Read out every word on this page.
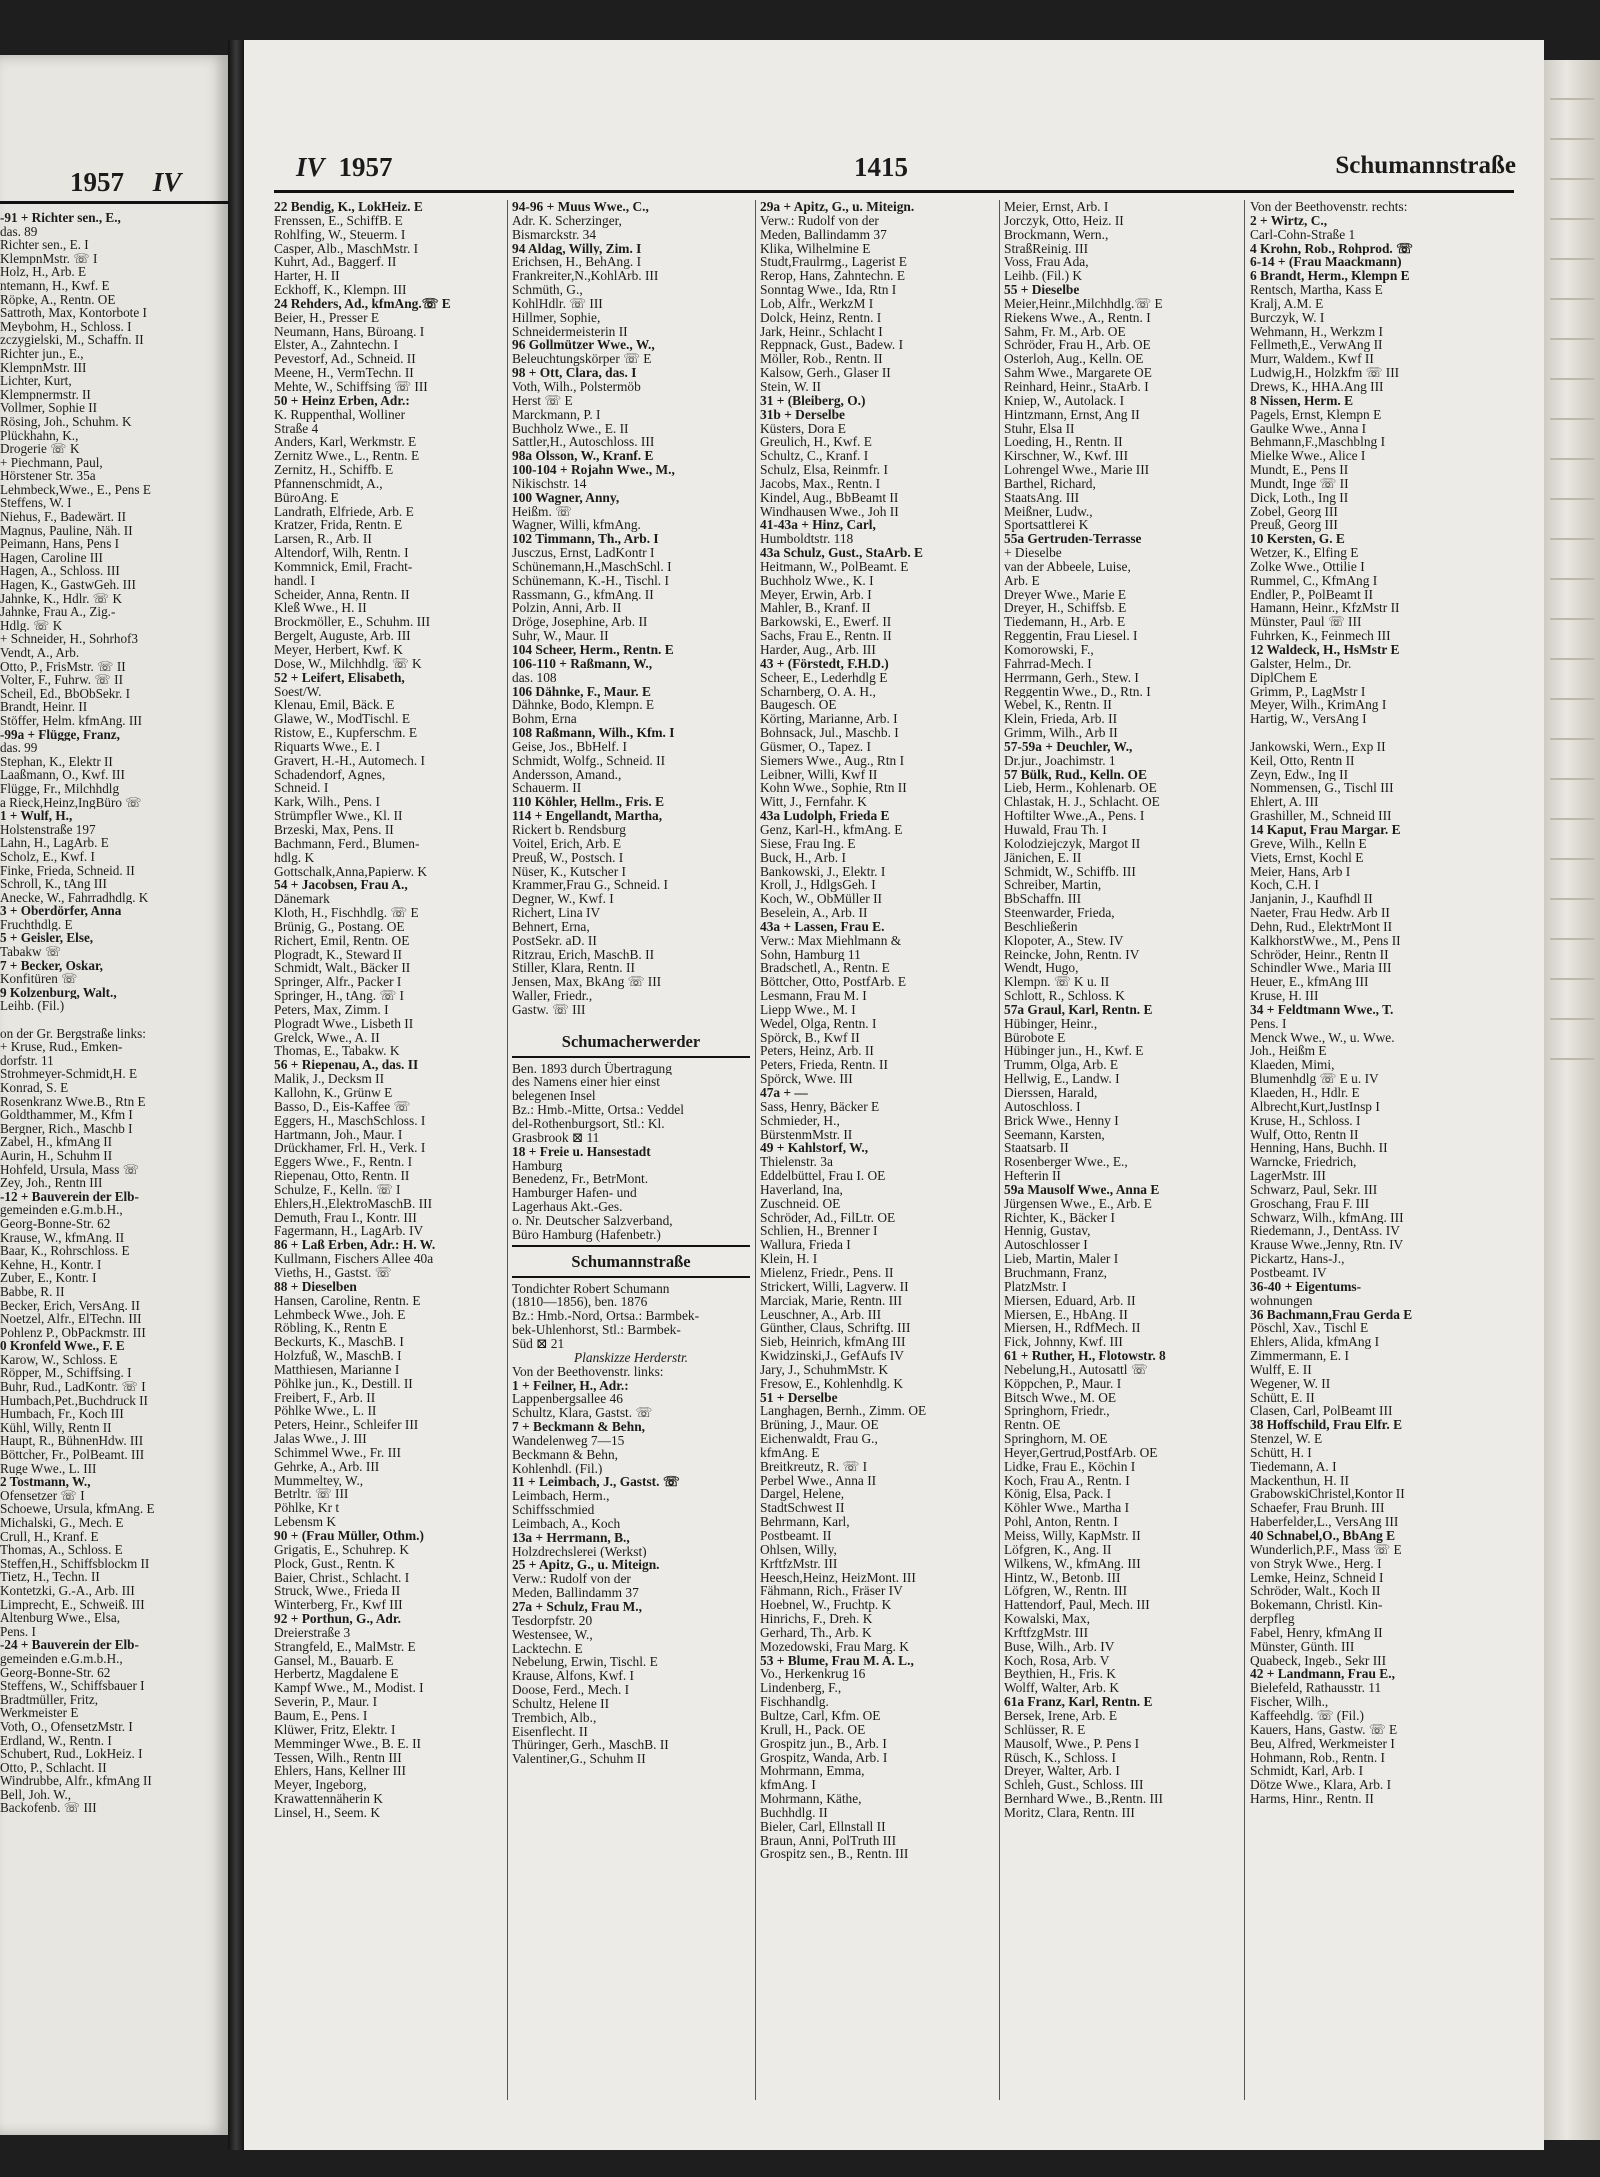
1957 IV
-91 + Richter sen., E.,
das. 89
Richter sen., E. I
KlempnMstr. ☏ I
Holz, H., Arb. E
ntemann, H., Kwf. E
Röpke, A., Rentn. OE
Sattroth, Max, Kontorbote I
Meybohm, H., Schloss. I
zczygielski, M., Schaffn. II
Richter jun., E.,
KlempnMstr. III
Lichter, Kurt,
Klempnermstr. II
Vollmer, Sophie II
Rösing, Joh., Schuhm. K
Plückhahn, K.,
Drogerie ☏ K
+ Piechmann, Paul,
Hörstener Str. 35a
Lehmbeck,Wwe., E., Pens E
Steffens, W. I
Niehus, F., Badewärt. II
Magnus, Pauline, Näh. II
Peimann, Hans, Pens I
Hagen, Caroline III
Hagen, A., Schloss. III
Hagen, K., GastwGeh. III
Jahnke, K., Hdlr. ☏ K
Jahnke, Frau A., Zig.-
Hdlg. ☏ K
+ Schneider, H., Sohrhof3
Vendt, A., Arb.
Otto, P., FrisMstr. ☏ II
Volter, F., Fuhrw. ☏ II
Scheil, Ed., BbObSekr. I
Brandt, Heinr. II
Stöffer, Helm. kfmAng. III
-99a + Flügge, Franz,
das. 99
Stephan, K., Elektr II
Laaßmann, O., Kwf. III
Flügge, Fr., Milchhdlg
a Rieck,Heinz,IngBüro ☏
1 + Wulf, H.,
Holstenstraße 197
Lahn, H., LagArb. E
Scholz, E., Kwf. I
Finke, Frieda, Schneid. II
Schroll, K., tAng III
Anecke, W., Fahrradhdlg. K
3 + Oberdörfer, Anna
Fruchthdlg. E
5 + Geisler, Else,
Tabakw ☏
7 + Becker, Oskar,
Konfitüren ☏
9 Kolzenburg, Walt.,
Leihb. (Fil.)
on der Gr. Bergstraße links:
+ Kruse, Rud., Emken-
dorfstr. 11
Strohmeyer-Schmidt,H. E
Konrad, S. E
Rosenkranz Wwe.B., Rtn E
Goldthammer, M., Kfm I
Bergner, Rich., Maschb I
Zabel, H., kfmAng II
Aurin, H., Schuhm II
Hohfeld, Ursula, Mass ☏
Zey, Joh., Rentn III
-12 + Bauverein der Elb-
gemeinden e.G.m.b.H.,
Georg-Bonne-Str. 62
Krause, W., kfmAng. II
Baar, K., Rohrschloss. E
Kehne, H., Kontr. I
Zuber, E., Kontr. I
Babbe, R. II
Becker, Erich, VersAng. II
Noetzel, Alfr., ElTechn. III
Pohlenz P., ObPackmstr. III
0 Kronfeld Wwe., F. E
Karow, W., Schloss. E
Röpper, M., Schiffsing. I
Buhr, Rud., LadKontr. ☏ I
Humbach,Pet.,Buchdruck II
Humbach, Fr., Koch III
Kühl, Willy, Rentn II
Haupt, R., BühnenHdw. III
Böttcher, Fr., PolBeamt. III
Ruge Wwe., L. III
2 Tostmann, W.,
Ofensetzer ☏ I
Schoewe, Ursula, kfmAng. E
Michalski, G., Mech. E
Crull, H., Kranf. E
Thomas, A., Schloss. E
Steffen,H., Schiffsblockm II
Tietz, H., Techn. II
Kontetzki, G.-A., Arb. III
Limprecht, E., Schweiß. III
Altenburg Wwe., Elsa,
Pens. I
-24 + Bauverein der Elb-
gemeinden e.G.m.b.H.,
Georg-Bonne-Str. 62
Steffens, W., Schiffsbauer I
Bradtmüller, Fritz,
Werkmeister E
Voth, O., OfensetzMstr. I
Erdland, W., Rentn. I
Schubert, Rud., LokHeiz. I
Otto, P., Schlacht. II
Windrubbe, Alfr., kfmAng II
Bell, Joh. W.,
Backofenb. ☏ III
IV 1957	1415	Schumannstraße
22 Bendig, K., LokHeiz. E
Frenssen, E., SchiffB. E
Rohlfing, W., Steuerm. I
Casper, Alb., MaschMstr. I
Kuhrt, Ad., Baggerf. II
Harter, H. II
Eckhoff, K., Klempn. III
24 Rehders, Ad., kfmAng.☏ E
Beier, H., Presser E
Neumann, Hans, Büroang. I
Elster, A., Zahntechn. I
Pevestorf, Ad., Schneid. II
Meene, H., VermTechn. II
Mehte, W., Schiffsing ☏ III
50 + Heinz Erben, Adr.:
K. Ruppenthal, Wolliner
Straße 4
Anders, Karl, Werkmstr. E
Zernitz Wwe., L., Rentn. E
Zernitz, H., Schiffb. E
Pfannenschmidt, A.,
BüroAng. E
Landrath, Elfriede, Arb. E
Kratzer, Frida, Rentn. E
Larsen, R., Arb. II
Altendorf, Wilh, Rentn. I
Kommnick, Emil, Fracht-
handl. I
Scheider, Anna, Rentn. II
Kleß Wwe., H. II
Brockmöller, E., Schuhm. III
Bergelt, Auguste, Arb. III
Meyer, Herbert, Kwf. K
Dose, W., Milchhdlg. ☏ K
52 + Leifert, Elisabeth,
Soest/W.
Klenau, Emil, Bäck. E
Glawe, W., ModTischl. E
Ristow, E., Kupferschm. E
Riquarts Wwe., E. I
Gravert, H.-H., Automech. I
Schadendorf, Agnes,
Schneid. I
Kark, Wilh., Pens. I
Strümpfler Wwe., Kl. II
Brzeski, Max, Pens. II
Bachmann, Ferd., Blumen-
hdlg. K
Gottschalk,Anna,Papierw. K
54 + Jacobsen, Frau A.,
Dänemark
Kloth, H., Fischhdlg. ☏ E
Brünig, G., Postang. OE
Richert, Emil, Rentn. OE
Plogradt, K., Steward II
Schmidt, Walt., Bäcker II
Springer, Alfr., Packer I
Springer, H., tAng. ☏ I
Peters, Max, Zimm. I
Plogradt Wwe., Lisbeth II
Grelck, Wwe., A. II
Thomas, E., Tabakw. K
56 + Riepenau, A., das. II
Malik, J., Decksm II
Kallohn, K., Grünw E
Basso, D., Eis-Kaffee ☏
Eggers, H., MaschSchloss. I
Hartmann, Joh., Maur. I
Drückhamer, Frl. H., Verk. I
Eggers Wwe., F., Rentn. I
Riepenau, Otto, Rentn. II
Schulze, F., Kelln. ☏ I
Ehlers,H.,ElektroMaschB. III
Demuth, Frau I., Kontr. III
Fagermann, H., LagArb. IV
86 + Laß Erben, Adr.: H. W.
Kullmann, Fischers Allee 40a
Vieths, H., Gastst. ☏
88 + Dieselben
Hansen, Caroline, Rentn. E
Lehmbeck Wwe., Joh. E
Röbling, K., Rentn E
Beckurts, K., MaschB. I
Holzfuß, W., MaschB. I
Matthiesen, Marianne I
Pöhlke jun., K., Destill. II
Freibert, F., Arb. II
Pöhlke Wwe., L. II
Peters, Heinr., Schleifer III
Jalas Wwe., J. III
Schimmel Wwe., Fr. III
Gehrke, A., Arb. III
Mummeltey, W.,
Betrltr. ☏ III
Pöhlke, Kr t
Lebensm K
90 + (Frau Müller, Othm.)
Grigatis, E., Schuhrep. K
Plock, Gust., Rentn. K
Baier, Christ., Schlacht. I
Struck, Wwe., Frieda II
Winterberg, Fr., Kwf III
92 + Porthun, G., Adr.
Dreierstraße 3
Strangfeld, E., MalMstr. E
Gansel, M., Bauarb. E
Herbertz, Magdalene E
Kampf Wwe., M., Modist. I
Severin, P., Maur. I
Baum, E., Pens. I
Klüwer, Fritz, Elektr. I
Memminger Wwe., B. E. II
Tessen, Wilh., Rentn III
Ehlers, Hans, Kellner III
Meyer, Ingeborg,
Krawattennäherin K
Linsel, H., Seem. K
94-96 + Muus Wwe., C.,
Adr. K. Scherzinger,
Bismarckstr. 34
94 Aldag, Willy, Zim. I
Erichsen, H., BehAng. I
Frankreiter,N.,KohlArb. III
Schmüth, G.,
KohlHdlr. ☏ III
Hillmer, Sophie,
Schneidermeisterin II
96 Gollmützer Wwe., W.,
Beleuchtungskörper ☏ E
98 + Ott, Clara, das. I
Voth, Wilh., Polstermöb
Herst ☏ E
Marckmann, P. I
Buchholz Wwe., E. II
Sattler,H., Autoschloss. III
98a Olsson, W., Kranf. E
100-104 + Rojahn Wwe., M.,
Nikischstr. 14
100 Wagner, Anny,
Heißm. ☏
Wagner, Willi, kfmAng.
102 Timmann, Th., Arb. I
Jusczus, Ernst, LadKontr I
Schünemann,H.,MaschSchl. I
Schünemann, K.-H., Tischl. I
Rassmann, G., kfmAng. II
Polzin, Anni, Arb. II
Dröge, Josephine, Arb. II
Suhr, W., Maur. II
104 Scheer, Herm., Rentn. E
106-110 + Raßmann, W.,
das. 108
106 Dähnke, F., Maur. E
Dähnke, Bodo, Klempn. E
Bohm, Erna
108 Raßmann, Wilh., Kfm. I
Geise, Jos., BbHelf. I
Schmidt, Wolfg., Schneid. II
Andersson, Amand.,
Schauerm. II
110 Köhler, Hellm., Fris. E
114 + Engellandt, Martha,
Rickert b. Rendsburg
Voitel, Erich, Arb. E
Preuß, W., Postsch. I
Nüser, K., Kutscher I
Krammer,Frau G., Schneid. I
Degner, W., Kwf. I
Richert, Lina IV
Behnert, Erna,
PostSekr. aD. II
Ritzrau, Erich, MaschB. II
Stiller, Klara, Rentn. II
Jensen, Max, BkAng ☏ III
Waller, Friedr.,
Gastw. ☏ III
Schumacherwerder
Ben. 1893 durch Übertragung
des Namens einer hier einst
belegenen Insel
Bz.: Hmb.-Mitte, Ortsa.: Veddel
del-Rothenburgsort, Stl.: Kl.
Grasbrook ⊠ 11
18 + Freie u. Hansestadt
Hamburg
Benedenz, Fr., BetrMont.
Hamburger Hafen- und
Lagerhaus Akt.-Ges.
o. Nr. Deutscher Salzverband,
Büro Hamburg (Hafenbetr.)
Schumannstraße
Tondichter Robert Schumann
(1810—1856), ben. 1876
Bz.: Hmb.-Nord, Ortsa.: Barmbek-
bek-Uhlenhorst, Stl.: Barmbek-
Süd ⊠ 21
Planskizze Herderstr.
Von der Beethovenstr. links:
1 + Feilner, H., Adr.:
Lappenbergsallee 46
Schultz, Klara, Gastst. ☏
7 + Beckmann & Behn,
Wandelenweg 7—15
Beckmann & Behn,
Kohlenhdl. (Fil.)
11 + Leimbach, J., Gastst. ☏
Leimbach, Herm.,
Schiffsschmied
Leimbach, A., Koch
13a + Herrmann, B.,
Holzdrechslerei (Werkst)
25 + Apitz, G., u. Miteign.
Verw.: Rudolf von der
Meden, Ballindamm 37
27a + Schulz, Frau M.,
Tesdorpfstr. 20
Westensee, W.,
Lacktechn. E
Nebelung, Erwin, Tischl. E
Krause, Alfons, Kwf. I
Doose, Ferd., Mech. I
Schultz, Helene II
Trembich, Alb.,
Eisenflecht. II
Thüringer, Gerh., MaschB. II
Valentiner,G., Schuhm II
29a + Apitz, G., u. Miteign.
Verw.: Rudolf von der
Meden, Ballindamm 37
Klika, Wilhelmine E
Studt,Fraulrmg., Lagerist E
Rerop, Hans, Zahntechn. E
Sonntag Wwe., Ida, Rtn I
Lob, Alfr., WerkzM I
Dolck, Heinz, Rentn. I
Jark, Heinr., Schlacht I
Reppnack, Gust., Badew. I
Möller, Rob., Rentn. II
Kalsow, Gerh., Glaser II
Stein, W. II
31 + (Bleiberg, O.)
31b + Derselbe
Küsters, Dora E
Greulich, H., Kwf. E
Schultz, C., Kranf. I
Schulz, Elsa, Reinmfr. I
Jacobs, Max., Rentn. I
Kindel, Aug., BbBeamt II
Windhausen Wwe., Joh II
41-43a + Hinz, Carl,
Humboldtstr. 118
43a Schulz, Gust., StaArb. E
Heitmann, W., PolBeamt. E
Buchholz Wwe., K. I
Meyer, Erwin, Arb. I
Mahler, B., Kranf. II
Barkowski, E., Ewerf. II
Sachs, Frau E., Rentn. II
Harder, Aug., Arb. III
43 + (Förstedt, F.H.D.)
Scheer, E., Lederhdlg E
Scharnberg, O. A. H.,
Baugesch. OE
Körting, Marianne, Arb. I
Bohnsack, Jul., Maschb. I
Güsmer, O., Tapez. I
Siemers Wwe., Aug., Rtn I
Leibner, Willi, Kwf II
Kohn Wwe., Sophie, Rtn II
Witt, J., Fernfahr. K
43a Ludolph, Frieda E
Genz, Karl-H., kfmAng. E
Siese, Frau Ing. E
Buck, H., Arb. I
Bankowski, J., Elektr. I
Kroll, J., HdlgsGeh. I
Koch, W., ObMüller II
Beselein, A., Arb. II
43a + Lassen, Frau E.
Verw.: Max Miehlmann &
Sohn, Hamburg 11
Bradschetl, A., Rentn. E
Böttcher, Otto, PostfArb. E
Lesmann, Frau M. I
Liepp Wwe., M. I
Wedel, Olga, Rentn. I
Spörck, B., Kwf II
Peters, Heinz, Arb. II
Peters, Frieda, Rentn. II
Spörck, Wwe. III
47a + —
Sass, Henry, Bäcker E
Schmieder, H.,
BürstenmMstr. II
49 + Kahlstorf, W.,
Thielenstr. 3a
Eddelbüttel, Frau I. OE
Haverland, Ina,
Zuschneid. OE
Schröder, Ad., FilLtr. OE
Schlien, H., Brenner I
Wallura, Frieda I
Klein, H. I
Mielenz, Friedr., Pens. II
Strickert, Willi, Lagverw. II
Marciak, Marie, Rentn. III
Leuschner, A., Arb. III
Günther, Claus, Schriftg. III
Sieb, Heinrich, kfmAng III
Kwidzinski,J., GefAufs IV
Jary, J., SchuhmMstr. K
Fresow, E., Kohlenhdlg. K
51 + Derselbe
Langhagen, Bernh., Zimm. OE
Brüning, J., Maur. OE
Eichenwaldt, Frau G.,
kfmAng. E
Breitkreutz, R. ☏ I
Perbel Wwe., Anna II
Dargel, Helene,
StadtSchwest II
Behrmann, Karl,
Postbeamt. II
Ohlsen, Willy,
KrftfzMstr. III
Heesch,Heinz, HeizMont. III
Fähmann, Rich., Fräser IV
Hoebnel, W., Fruchtp. K
Hinrichs, F., Dreh. K
Gerhard, Th., Arb. K
Mozedowski, Frau Marg. K
53 + Blume, Frau M. A. L.,
Vo., Herkenkrug 16
Lindenberg, F.,
Fischhandlg.
Bultze, Carl, Kfm. OE
Krull, H., Pack. OE
Grospitz jun., B., Arb. I
Grospitz, Wanda, Arb. I
Mohrmann, Emma,
kfmAng. I
Mohrmann, Käthe,
Buchhdlg. II
Bieler, Carl, Ellnstall II
Braun, Anni, PolTruth III
Grospitz sen., B., Rentn. III
Meier, Ernst, Arb. I
Jorczyk, Otto, Heiz. II
Brockmann, Wern.,
StraßReinig. III
Voss, Frau Ada,
Leihb. (Fil.) K
55 + Dieselbe
Meier,Heinr.,Milchhdlg.☏ E
Riekens Wwe., A., Rentn. I
Sahm, Fr. M., Arb. OE
Schröder, Frau H., Arb. OE
Osterloh, Aug., Kelln. OE
Sahm Wwe., Margarete OE
Reinhard, Heinr., StaArb. I
Kniep, W., Autolack. I
Hintzmann, Ernst, Ang II
Stuhr, Elsa II
Loeding, H., Rentn. II
Kirschner, W., Kwf. III
Lohrengel Wwe., Marie III
Barthel, Richard,
StaatsAng. III
Meißner, Ludw.,
Sportsattlerei K
55a Gertruden-Terrasse
+ Dieselbe
van der Abbeele, Luise,
Arb. E
Dreyer Wwe., Marie E
Dreyer, H., Schiffsb. E
Tiedemann, H., Arb. E
Reggentin, Frau Liesel. I
Komorowski, F.,
Fahrrad-Mech. I
Herrmann, Gerh., Stew. I
Reggentin Wwe., D., Rtn. I
Webel, K., Rentn. II
Klein, Frieda, Arb. II
Grimm, Wilh., Arb II
57-59a + Deuchler, W.,
Dr.jur., Joachimstr. 1
57 Bülk, Rud., Kelln. OE
Lieb, Herm., Kohlenarb. OE
Chlastak, H. J., Schlacht. OE
Hoftilter Wwe.,A., Pens. I
Huwald, Frau Th. I
Kolodziejczyk, Margot II
Jänichen, E. II
Schmidt, W., Schiffb. III
Schreiber, Martin,
BbSchaffn. III
Steenwarder, Frieda,
Beschließerin
Klopoter, A., Stew. IV
Reincke, John, Rentn. IV
Wendt, Hugo,
Klempn. ☏ K u. II
Schlott, R., Schloss. K
57a Graul, Karl, Rentn. E
Hübinger, Heinr.,
Bürobote E
Hübinger jun., H., Kwf. E
Trumm, Olga, Arb. E
Hellwig, E., Landw. I
Dierssen, Harald,
Autoschloss. I
Brick Wwe., Henny I
Seemann, Karsten,
Staatsarb. II
Rosenberger Wwe., E.,
Hefterin II
59a Mausolf Wwe., Anna E
Jürgensen Wwe., E., Arb. E
Richter, K., Bäcker I
Hennig, Gustav,
Autoschlosser I
Lieb, Martin, Maler I
Bruchmann, Franz,
PlatzMstr. I
Miersen, Eduard, Arb. II
Miersen, E., HbAng. II
Miersen, H., RdfMech. II
Fick, Johnny, Kwf. III
61 + Ruther, H., Flotowstr. 8
Nebelung,H., Autosattl ☏
Köppchen, P., Maur. I
Bitsch Wwe., M. OE
Springhorn, Friedr.,
Rentn. OE
Springhorn, M. OE
Heyer,Gertrud,PostfArb. OE
Lidke, Frau E., Köchin I
Koch, Frau A., Rentn. I
König, Elsa, Pack. I
Köhler Wwe., Martha I
Pohl, Anton, Rentn. I
Meiss, Willy, KapMstr. II
Löfgren, K., Ang. II
Wilkens, W., kfmAng. III
Hintz, W., Betonb. III
Löfgren, W., Rentn. III
Hattendorf, Paul, Mech. III
Kowalski, Max,
KrftfzgMstr. III
Buse, Wilh., Arb. IV
Koch, Rosa, Arb. V
Beythien, H., Fris. K
Wolff, Walter, Arb. K
61a Franz, Karl, Rentn. E
Bersek, Irene, Arb. E
Schlüsser, R. E
Mausolf, Wwe., P. Pens I
Rüsch, K., Schloss. I
Dreyer, Walter, Arb. I
Schleh, Gust., Schloss. III
Bernhard Wwe., B.,Rentn. III
Moritz, Clara, Rentn. III
Von der Beethovenstr. rechts:
2 + Wirtz, C.,
Carl-Cohn-Straße 1
4 Krohn, Rob., Rohprod. ☏
6-14 + (Frau Maackmann)
6 Brandt, Herm., Klempn E
Rentsch, Martha, Kass E
Kralj, A.M. E
Burczyk, W. I
Wehmann, H., Werkzm I
Fellmeth,E., VerwAng II
Murr, Waldem., Kwf II
Ludwig,H., Holzkfm ☏ III
Drews, K., HHA.Ang III
8 Nissen, Herm. E
Pagels, Ernst, Klempn E
Gaulke Wwe., Anna I
Behmann,F.,Maschblng I
Mielke Wwe., Alice I
Mundt, E., Pens II
Mundt, Inge ☏ II
Dick, Loth., Ing II
Zobel, Georg III
Preuß, Georg III
10 Kersten, G. E
Wetzer, K., Elfing E
Zolke Wwe., Ottilie I
Rummel, C., KfmAng I
Endler, P., PolBeamt II
Hamann, Heinr., KfzMstr II
Münster, Paul ☏ III
Fuhrken, K., Feinmech III
12 Waldeck, H., HsMstr E
Galster, Helm., Dr.
DiplChem E
Grimm, P., LagMstr I
Meyer, Wilh., KrimAng I
Hartig, W., VersAng I
Jankowski, Wern., Exp II
Keil, Otto, Rentn II
Zeyn, Edw., Ing II
Nommensen, G., Tischl III
Ehlert, A. III
Grashiller, M., Schneid III
14 Kaput, Frau Margar. E
Greve, Wilh., Kelln E
Viets, Ernst, Kochl E
Meier, Hans, Arb I
Koch, C.H. I
Janjanin, J., Kaufhdl II
Naeter, Frau Hedw. Arb II
Dehn, Rud., ElektrMont II
KalkhorstWwe., M., Pens II
Schröder, Heinr., Rentn II
Schindler Wwe., Maria III
Heuer, E., kfmAng III
Kruse, H. III
34 + Feldtmann Wwe., T.
Pens. I
Menck Wwe., W., u. Wwe.
Joh., Heißm E
Klaeden, Mimi,
Blumenhdlg ☏ E u. IV
Klaeden, H., Hdlr. E
Albrecht,Kurt,JustInsp I
Kruse, H., Schloss. I
Wulf, Otto, Rentn II
Henning, Hans, Buchh. II
Warncke, Friedrich,
LagerMstr. III
Schwarz, Paul, Sekr. III
Groschang, Frau F. III
Schwarz, Wilh., kfmAng. III
Riedemann, J., DentAss. IV
Krause Wwe.,Jenny, Rtn. IV
Pickartz, Hans-J.,
Postbeamt. IV
36-40 + Eigentums-
wohnungen
36 Bachmann,Frau Gerda E
Pöschl, Xav., Tischl E
Ehlers, Alida, kfmAng I
Zimmermann, E. I
Wulff, E. II
Wegener, W. II
Schütt, E. II
Clasen, Carl, PolBeamt III
38 Hoffschild, Frau Elfr. E
Stenzel, W. E
Schütt, H. I
Tiedemann, A. I
Mackenthun, H. II
GrabowskiChristel,Kontor II
Schaefer, Frau Brunh. III
Haberfelder,L., VersAng III
40 Schnabel,O., BbAng E
Wunderlich,P.F., Mass ☏ E
von Stryk Wwe., Herg. I
Lemke, Heinz, Schneid I
Schröder, Walt., Koch II
Bokemann, Christl. Kin-
derpfleg
Fabel, Henry, kfmAng II
Münster, Günth. III
Quabeck, Ingeb., Sekr III
42 + Landmann, Frau E.,
Bielefeld, Rathausstr. 11
Fischer, Wilh.,
Kaffeehdlg. ☏ (Fil.)
Kauers, Hans, Gastw. ☏ E
Beu, Alfred, Werkmeister I
Hohmann, Rob., Rentn. I
Schmidt, Karl, Arb. I
Dötze Wwe., Klara, Arb. I
Harms, Hinr., Rentn. II
